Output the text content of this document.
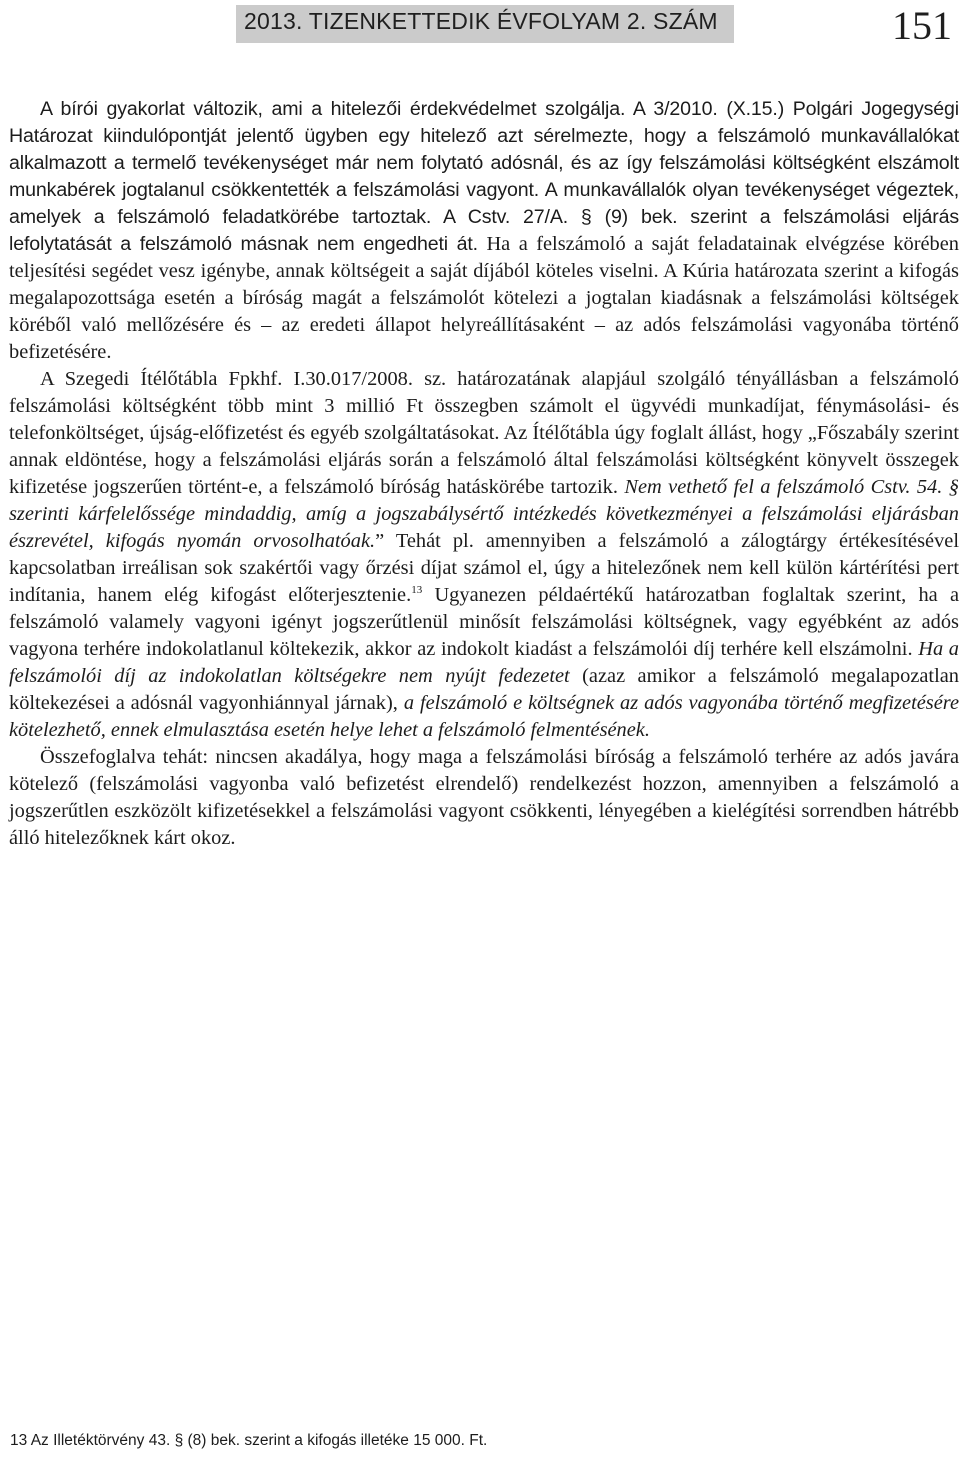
2013. TIZENKETTEDIK ÉVFOLYAM 2. SZÁM	151

A bírói gyakorlat változik, ami a hitelezői érdekvédelmet szolgálja. A 3/2010. (X.15.) Polgári Jogegységi Határozat kiindulópontját jelentő ügyben egy hitelező azt sérelmezte, hogy a felszámoló munkavállalókat alkalmazott a termelő tevékenységet már nem folytató adósnál, és az így felszámolási költségként elszámolt munkabérek jogtalanul csökkentették a felszámolási vagyont. A munkavállalók olyan tevékenységet végeztek, amelyek a felszámoló feladatkörébe tartoztak. A Cstv. 27/A. § (9) bek. szerint a felszámolási eljárás lefolytatását a felszámoló másnak nem engedheti át. Ha a felszámoló a saját feladatainak elvégzése körében teljesítési segédet vesz igénybe, annak költségeit a saját díjából köteles viselni. A Kúria határozata szerint a kifogás megalapozottsága esetén a bíróság magát a felszámolót kötelezi a jogtalan kiadásnak a felszámolási költségek köréből való mellőzésére és – az eredeti állapot helyreállításaként – az adós felszámolási vagyonába történő befizetésére.

A Szegedi Ítélőtábla Fpkhf. I.30.017/2008. sz. határozatának alapjául szolgáló tényállásban a felszámoló felszámolási költségként több mint 3 millió Ft összegben számolt el ügyvédi munkadíjat, fénymásolási- és telefonköltséget, újság-előfizetést és egyéb szolgáltatásokat. Az Ítélőtábla úgy foglalt állást, hogy „Főszabály szerint annak eldöntése, hogy a felszámolási eljárás során a felszámoló által felszámolási költségként könyvelt összegek kifizetése jogszerűen történt-e, a felszámoló bíróság hatáskörébe tartozik. Nem vethető fel a felszámoló Cstv. 54. § szerinti kárfelelőssége mindaddig, amíg a jogszabálysértő intézkedés következményei a felszámolási eljárásban észrevétel, kifogás nyomán orvosolhatóak.” Tehát pl. amennyiben a felszámoló a zálogtárgy értékesítésével kapcsolatban irreálisan sok szakértői vagy őrzési díjat számol el, úgy a hitelezőnek nem kell külön kártérítési pert indítania, hanem elég kifogást előterjesztenie.$^{13}$ Ugyanezen példaértékű határozatban foglaltak szerint, ha a felszámoló valamely vagyoni igényt jogszerűtlenül minősít felszámolási költségnek, vagy egyébként az adós vagyona terhére indokolatlanul költekezik, akkor az indokolt kiadást a felszámolói díj terhére kell elszámolni. Ha a felszámolói díj az indokolatlan költségekre nem nyújt fedezetet (azaz amikor a felszámoló megalapozatlan költekezései a adósnál vagyonhiánnyal járnak), a felszámoló e költségnek az adós vagyonába történő megfizetésére kötelezhető, ennek elmulasztása esetén helye lehet a felszámoló felmentésének.

Összefoglalva tehát: nincsen akadálya, hogy maga a felszámolási bíróság a felszámoló terhére az adós javára kötelező (felszámolási vagyonba való befizetést elrendelő) rendelkezést hozzon, amennyiben a felszámoló a jogszerűtlen eszközölt kifizetésekkel a felszámolási vagyont csökkenti, lényegében a kielégítési sorrendben hátrébb álló hitelezőknek kárt okoz.

13 Az Illetéktörvény 43. § (8) bek. szerint a kifogás illetéke 15 000. Ft.
